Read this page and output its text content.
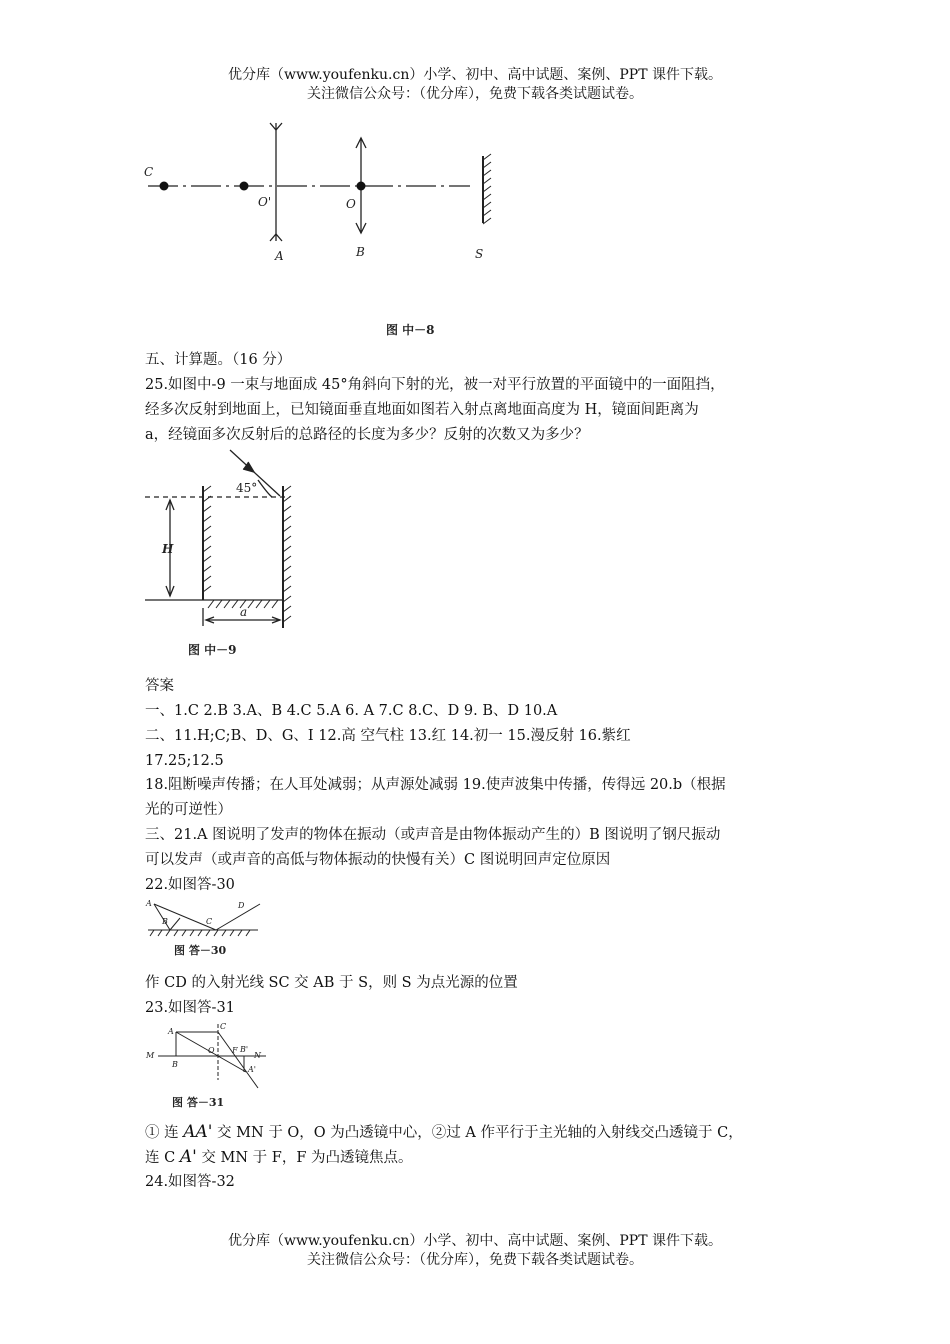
优分库（www.youfenku.cn）小学、初中、高中试题、案例、PPT 课件下载。
关注微信公众号：（优分库），免费下载各类试题试卷。
C
O'	O
A	B	S
图 中－8
五、计算题。（16 分）
25.如图中-9 一束与地面成 45°角斜向下射的光，被一对平行放置的平面镜中的一面阻挡，
经多次反射到地面上，已知镜面垂直地面如图若入射点离地面高度为 H，镜面间距离为
a，经镜面多次反射后的总路径的长度为多少？反射的次数又为多少？
45°
H
a
图 中－9
答案
一、1.C 2.B 3.A、B 4.C 5.A 6. A 7.C 8.C、D 9. B、D 10.A
二、11.H;C;B、D、G、I 12.高 空气柱 13.红 14.初一 15.漫反射 16.紫红
17.25;12.5
18.阻断噪声传播；在人耳处减弱；从声源处减弱 19.使声波集中传播，传得远 20.b（根据
光的可逆性）
三、21.A 图说明了发声的物体在振动（或声音是由物体振动产生的）B 图说明了钢尺振动
可以发声（或声音的高低与物体振动的快慢有关）C 图说明回声定位原因
22.如图答-30
A
B	C
D
图 答－30
作 CD 的入射光线 SC 交 AB 于 S，则 S 为点光源的位置
23.如图答-31
A
C
M
B
O F B'
N
A'
图 答－31
① 连 AA' 交 MN 于 O，O 为凸透镜中心，②过 A 作平行于主光轴的入射线交凸透镜于 C，
连 C A' 交 MN 于 F，F 为凸透镜焦点。
24.如图答-32
优分库（www.youfenku.cn）小学、初中、高中试题、案例、PPT 课件下载。
关注微信公众号：（优分库），免费下载各类试题试卷。
